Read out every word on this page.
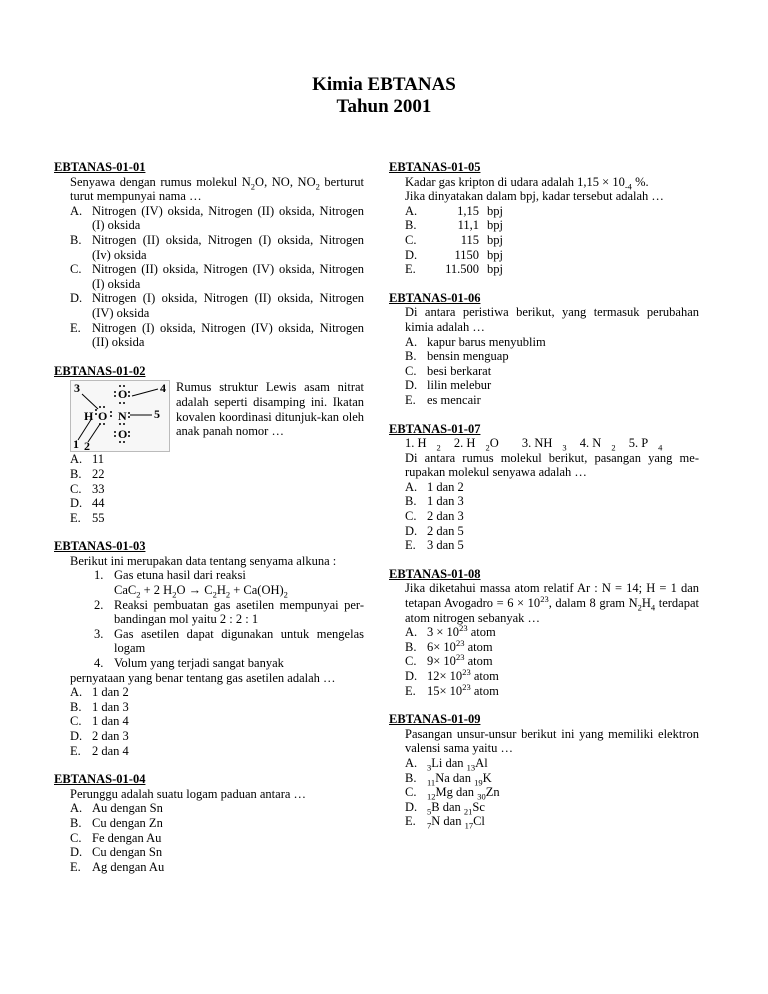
Kimia EBTANAS
Tahun 2001
EBTANAS-01-01
Senyawa dengan rumus molekul $N_2O$, NO, $NO_2$ berturut turut mempunyai nama …
A. Nitrogen (IV) oksida, Nitrogen (II) oksida, Nitrogen (I) oksida
B. Nitrogen (II) oksida, Nitrogen (I) oksida, Nitrogen (Iv) oksida
C. Nitrogen (II) oksida, Nitrogen (IV) oksida, Nitrogen (I) oksida
D. Nitrogen (I) oksida, Nitrogen (II) oksida, Nitrogen (IV) oksida
E. Nitrogen (I) oksida, Nitrogen (IV) oksida, Nitrogen (II) oksida
EBTANAS-01-02
3	4
5
1 2
H O N
O
O
Rumus struktur Lewis asam nitrat adalah seperti disamping ini. Ikatan kovalen koordinasi ditunjuk-kan oleh anak panah nomor …
A. 11
B. 22
C. 33
D. 44
E. 55
EBTANAS-01-03
Berikut ini merupakan data tentang senyama alkuna :
1. Gas etuna hasil dari reaksi
CaC$_2$ + 2 $H_2O \to C_2H_2 + Ca(OH)_2$
2. Reaksi pembuatan gas asetilen mempunyai per-bandingan mol yaitu 2 : 2 : 1
3. Gas asetilen dapat digunakan untuk mengelas logam
4. Volum yang terjadi sangat banyak
pernyataan yang benar tentang gas asetilen adalah …
A. 1 dan 2
B. 1 dan 3
C. 1 dan 4
D. 2 dan 3
E. 2 dan 4
EBTANAS-01-04
Perunggu adalah suatu logam paduan antara …
A. Au dengan Sn
B. Cu dengan Zn
C. Fe dengan Au
D. Cu dengan Sn
E. Ag dengan Au
EBTANAS-01-05
Kadar gas kripton di udara adalah $1,15 \times 10_{-4}$ %.
Jika dinyatakan dalam bpj, kadar tersebut adalah …
A.	1,15 bpj
B.	11,1 bpj
C.	115 bpj
D.	1150 bpj
E.	11.500 bpj
EBTANAS-01-06
Di antara peristiwa berikut, yang termasuk perubahan kimia adalah …
A. kapur barus menyublim
B. bensin menguap
C. besi berkarat
D. lilin melebur
E. es mencair
EBTANAS-01-07
1. H $_2$ 2. H $_2$O 3. NH $_3$ 4. N $_2$ 5. P $_4$
Di antara rumus molekul berikut, pasangan yang me-rupakan molekul senyawa adalah …
A. 1 dan 2
B. 1 dan 3
C. 2 dan 3
D. 2 dan 5
E. 3 dan 5
EBTANAS-01-08
Jika diketahui massa atom relatif Ar : N = 14; H = 1 dan tetapan Avogadro = $6 \times 10^{23}$, dalam 8 gram $N_2H_4$ terdapat atom nitrogen sebanyak …
A. $3 \times 10^{23}$ atom
B. $6\times 10^{23}$ atom
C. $9\times 10^{23}$ atom
D. $12\times 10^{23}$ atom
E. $15\times 10^{23}$ atom
EBTANAS-01-09
Pasangan unsur-unsur berikut ini yang memiliki elektron valensi sama yaitu …
A.	$_3$Li dan $_{13}$Al
B.	$_{11}$Na dan $_{19}$K
C.	$_{12}$Mg dan $_{30}$Zn
D.	$_5$B dan $_{21}$Sc
E.	$_7$N dan $_{17}$Cl
